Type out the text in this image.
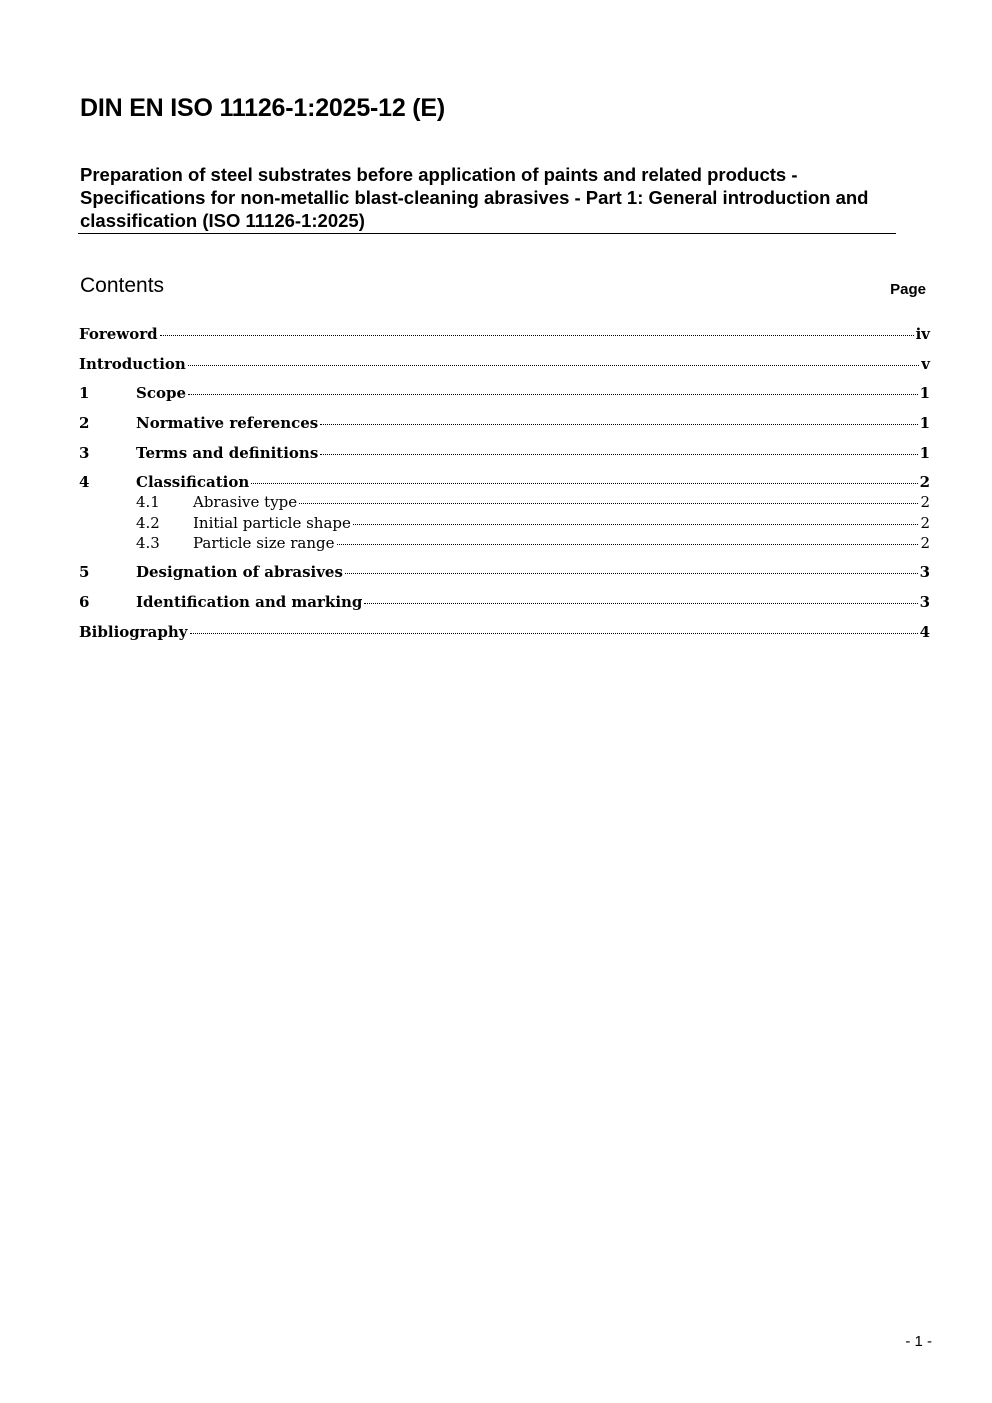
DIN EN ISO 11126-1:2025-12 (E)
Preparation of steel substrates before application of paints and related products - Specifications for non-metallic blast-cleaning abrasives - Part 1: General introduction and classification (ISO 11126-1:2025)
Contents	Page
Foreword	iv
Introduction	v
1	Scope	1
2	Normative references	1
3	Terms and definitions	1
4	Classification	2
4.1	Abrasive type	2
4.2	Initial particle shape	2
4.3	Particle size range	2
5	Designation of abrasives	3
6	Identification and marking	3
Bibliography	4
- 1 -
